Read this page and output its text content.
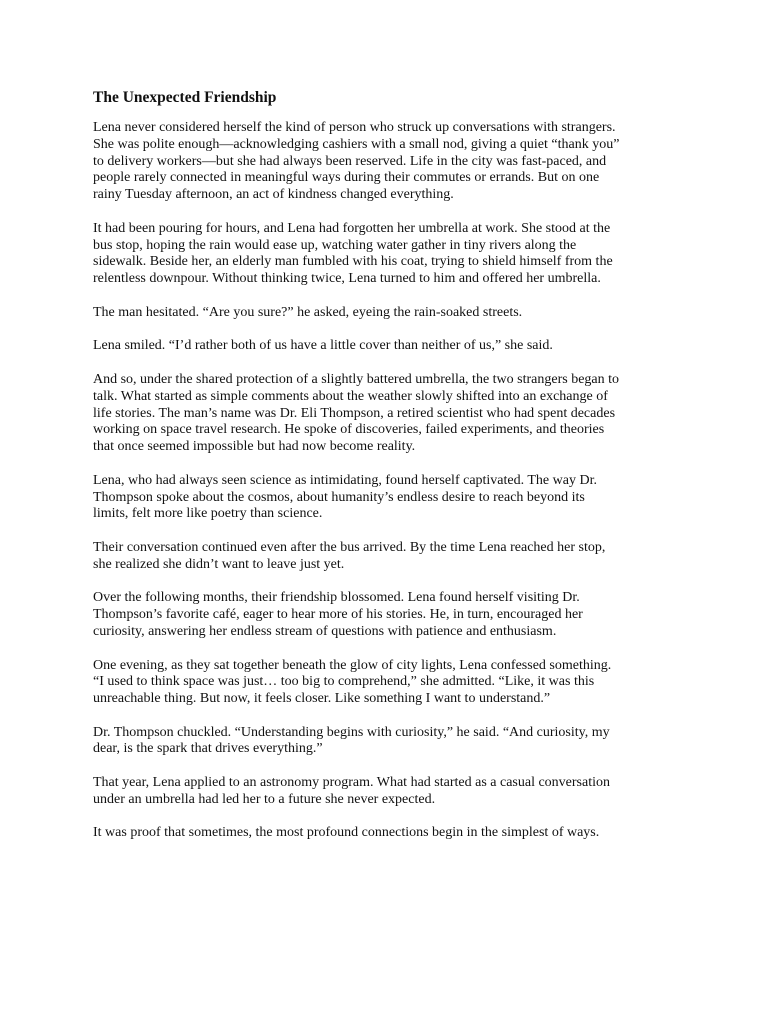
The Unexpected Friendship

Lena never considered herself the kind of person who struck up conversations with strangers.
She was polite enough—acknowledging cashiers with a small nod, giving a quiet “thank you”
to delivery workers—but she had always been reserved. Life in the city was fast-paced, and
people rarely connected in meaningful ways during their commutes or errands. But on one
rainy Tuesday afternoon, an act of kindness changed everything.

It had been pouring for hours, and Lena had forgotten her umbrella at work. She stood at the
bus stop, hoping the rain would ease up, watching water gather in tiny rivers along the
sidewalk. Beside her, an elderly man fumbled with his coat, trying to shield himself from the
relentless downpour. Without thinking twice, Lena turned to him and offered her umbrella.

The man hesitated. “Are you sure?” he asked, eyeing the rain-soaked streets.

Lena smiled. “I’d rather both of us have a little cover than neither of us,” she said.

And so, under the shared protection of a slightly battered umbrella, the two strangers began to
talk. What started as simple comments about the weather slowly shifted into an exchange of
life stories. The man’s name was Dr. Eli Thompson, a retired scientist who had spent decades
working on space travel research. He spoke of discoveries, failed experiments, and theories
that once seemed impossible but had now become reality.

Lena, who had always seen science as intimidating, found herself captivated. The way Dr.
Thompson spoke about the cosmos, about humanity’s endless desire to reach beyond its
limits, felt more like poetry than science.

Their conversation continued even after the bus arrived. By the time Lena reached her stop,
she realized she didn’t want to leave just yet.

Over the following months, their friendship blossomed. Lena found herself visiting Dr.
Thompson’s favorite café, eager to hear more of his stories. He, in turn, encouraged her
curiosity, answering her endless stream of questions with patience and enthusiasm.

One evening, as they sat together beneath the glow of city lights, Lena confessed something.
“I used to think space was just… too big to comprehend,” she admitted. “Like, it was this
unreachable thing. But now, it feels closer. Like something I want to understand.”

Dr. Thompson chuckled. “Understanding begins with curiosity,” he said. “And curiosity, my
dear, is the spark that drives everything.”

That year, Lena applied to an astronomy program. What had started as a casual conversation
under an umbrella had led her to a future she never expected.

It was proof that sometimes, the most profound connections begin in the simplest of ways.
